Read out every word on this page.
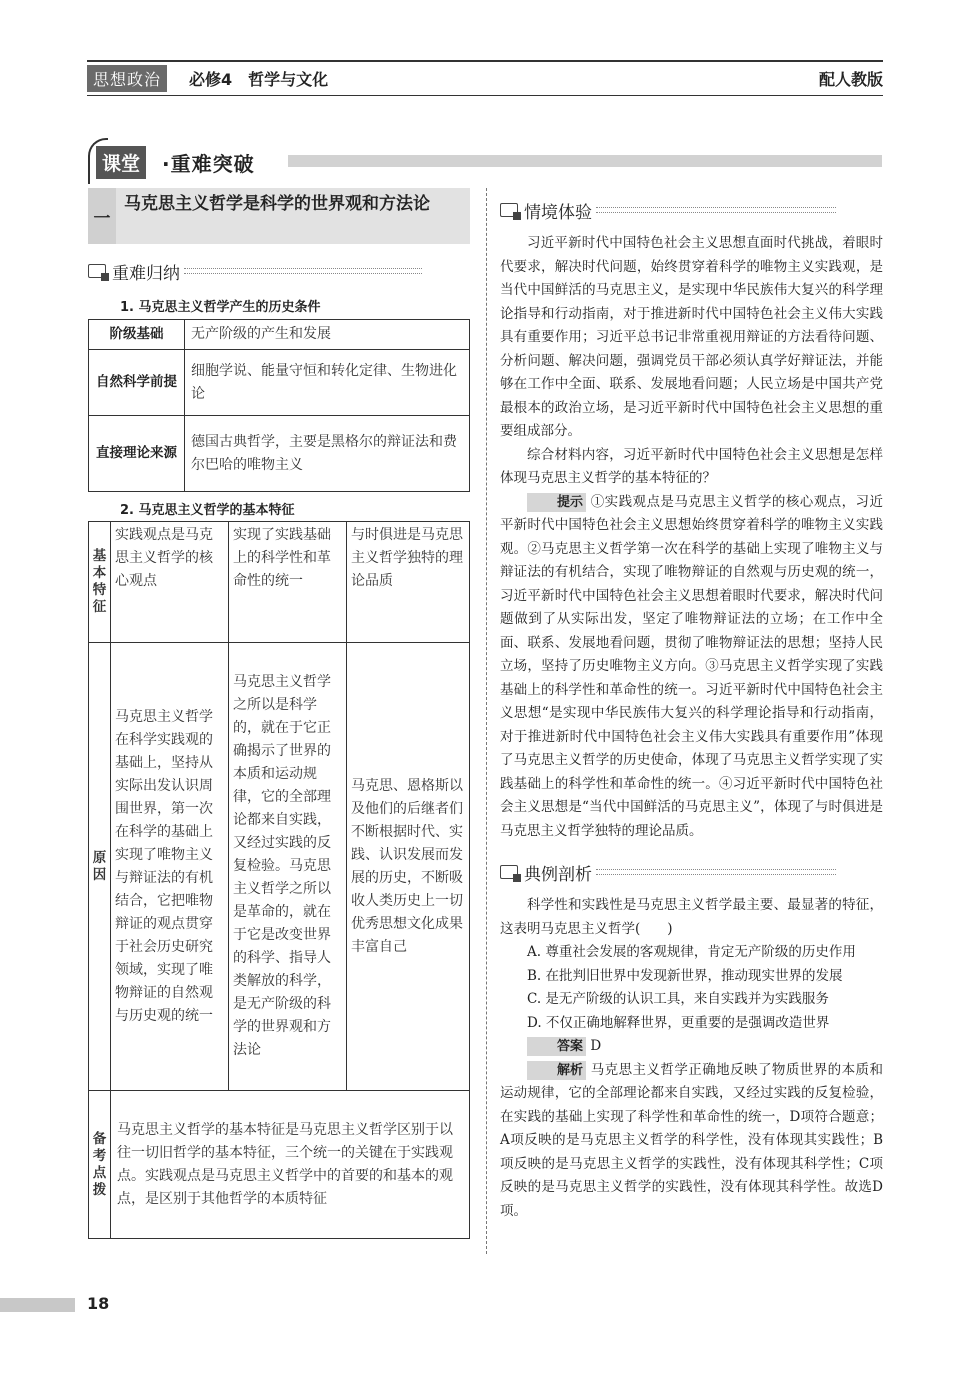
思想政治	必修4　哲学与文化	配人教版
课堂	·重难突破
一
马克思主义哲学是科学的世界观和方法论
重难归纳
1. 马克思主义哲学产生的历史条件
阶级基础	无产阶级的产生和发展
自然科学前提	细胞学说、能量守恒和转化定律、生物进化论
直接理论来源	德国古典哲学，主要是黑格尔的辩证法和费尔巴哈的唯物主义
2. 马克思主义哲学的基本特征
基本特征	实践观点是马克思主义哲学的核心观点	实现了实践基础上的科学性和革命性的统一	与时俱进是马克思主义哲学独特的理论品质
原因	马克思主义哲学在科学实践观的基础上，坚持从实际出发认识周围世界，第一次在科学的基础上实现了唯物主义与辩证法的有机结合，它把唯物辩证的观点贯穿于社会历史研究领域，实现了唯物辩证的自然观与历史观的统一	马克思主义哲学之所以是科学的，就在于它正确揭示了世界的本质和运动规律，它的全部理论都来自实践，又经过实践的反复检验。马克思主义哲学之所以是革命的，就在于它是改变世界的科学、指导人类解放的科学，是无产阶级的科学的世界观和方法论	马克思、恩格斯以及他们的后继者们不断根据时代、实践、认识发展而发展的历史，不断吸收人类历史上一切优秀思想文化成果丰富自己
备考点拨	马克思主义哲学的基本特征是马克思主义哲学区别于以往一切旧哲学的基本特征，三个统一的关键在于实践观点。实践观点是马克思主义哲学中的首要的和基本的观点，是区别于其他哲学的本质特征		
情境体验

习近平新时代中国特色社会主义思想直面时代挑战，着眼时代要求，解决时代问题，始终贯穿着科学的唯物主义实践观，是当代中国鲜活的马克思主义，是实现中华民族伟大复兴的科学理论指导和行动指南，对于推进新时代中国特色社会主义伟大实践具有重要作用；习近平总书记非常重视用辩证的方法看待问题、分析问题、解决问题，强调党员干部必须认真学好辩证法，并能够在工作中全面、联系、发展地看问题；人民立场是中国共产党最根本的政治立场，是习近平新时代中国特色社会主义思想的重要组成部分。

综合材料内容，习近平新时代中国特色社会主义思想是怎样体现马克思主义哲学的基本特征的？

提示 ①实践观点是马克思主义哲学的核心观点，习近平新时代中国特色社会主义思想始终贯穿着科学的唯物主义实践观。②马克思主义哲学第一次在科学的基础上实现了唯物主义与辩证法的有机结合，实现了唯物辩证的自然观与历史观的统一，习近平新时代中国特色社会主义思想着眼时代要求，解决时代问题做到了从实际出发，坚定了唯物辩证法的立场；在工作中全面、联系、发展地看问题，贯彻了唯物辩证法的思想；坚持人民立场，坚持了历史唯物主义方向。③马克思主义哲学实现了实践基础上的科学性和革命性的统一。习近平新时代中国特色社会主义思想“是实现中华民族伟大复兴的科学理论指导和行动指南，对于推进新时代中国特色社会主义伟大实践具有重要作用”体现了马克思主义哲学的历史使命，体现了马克思主义哲学实现了实践基础上的科学性和革命性的统一。④习近平新时代中国特色社会主义思想是“当代中国鲜活的马克思主义”，体现了与时俱进是马克思主义哲学独特的理论品质。

典例剖析

科学性和实践性是马克思主义哲学最主要、最显著的特征，这表明马克思主义哲学(　　)

A. 尊重社会发展的客观规律，肯定无产阶级的历史作用

B. 在批判旧世界中发现新世界，推动现实世界的发展

C. 是无产阶级的认识工具，来自实践并为实践服务

D. 不仅正确地解释世界，更重要的是强调改造世界

答案 D

解析 马克思主义哲学正确地反映了物质世界的本质和运动规律，它的全部理论都来自实践，又经过实践的反复检验，在实践的基础上实现了科学性和革命性的统一，D项符合题意；A项反映的是马克思主义哲学的科学性，没有体现其实践性；B项反映的是马克思主义哲学的实践性，没有体现其科学性；C项反映的是马克思主义哲学的实践性，没有体现其科学性。故选D项。

18
